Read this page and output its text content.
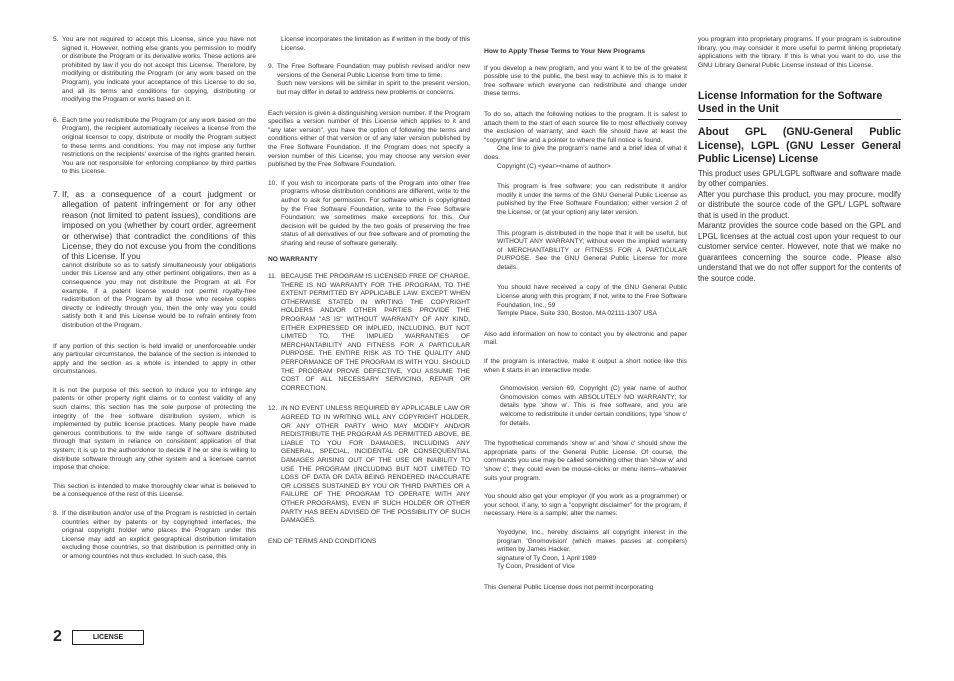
5. You are not required to accept this License, since you have not signed it. However, nothing else grants you permission to modify or distribute the Program or its derivative works. These actions are prohibited by law if you do not accept this License. Therefore, by modifying or distributing the Program (or any work based on the Program), you indicate your acceptance of this License to do so, and all its terms and conditions for copying, distributing or modifying the Program or works based on it.
6. Each time you redistribute the Program (or any work based on the Program), the recipient automatically receives a license from the original licensor to copy, distribute or modify the Program subject to these terms and conditions. You may not impose any further restrictions on the recipients' exercise of the rights granted herein. You are not responsible for enforcing compliance by third parties to this License.
7. If, as a consequence of a court judgment or allegation of patent infringement or for any other reason (not limited to patent issues), conditions are imposed on you (whether by court order, agreement or otherwise) that contradict the conditions of this License, they do not excuse you from the conditions of this License. If you
cannot distribute so as to satisfy simultaneously your obligations under this License and any other pertinent obligations, then as a consequence you may not distribute the Program at all. For example, if a patent license would not permit royalty-free redistribution of the Program by all those who receive copies directly or indirectly through you, then the only way you could satisfy both it and this License would be to refrain entirely from distribution of the Program.

If any portion of this section is held invalid or unenforceable under any particular circumstance, the balance of the section is intended to apply and the section as a whole is intended to apply in other circumstances.

It is not the purpose of this section to induce you to infringe any patents or other property right claims or to contest validity of any such claims; this section has the sole purpose of protecting the integrity of the free software distribution system, which is implemented by public license practices. Many people have made generous contributions to the wide range of software distributed through that system in reliance on consistent application of that system; it is up to the author/donor to decide if he or she is willing to distribute software through any other system and a licensee cannot impose that choice.

This section is intended to make thoroughly clear what is believed to be a consequence of the rest of this License.

8. If the distribution and/or use of the Program is restricted in certain countries either by patents or by copyrighted interfaces, the original copyright holder who places the Program under this License may add an explicit geographical distribution limitation excluding those countries, so that distribution is permitted only in or among countries not thus excluded. In such case, this

License incorporates the limitation as if written in the body of this License.

9. The Free Software Foundation may publish revised and/or new versions of the General Public License from time to time.
Such new versions will be similar in spirit to the present version, but may differ in detail to address new problems or concerns.

Each version is given a distinguishing version number. If the Program specifies a version number of this License which applies to it and "any later version", you have the option of following the terms and conditions either of that version or of any later version published by the Free Software Foundation. If the Program does not specify a version number of this License, you may choose any version ever published by the Free Software Foundation.

10. If you wish to incorporate parts of the Program into other free programs whose distribution conditions are different, write to the author to ask for permission. For software which is copyrighted by the Free Software Foundation, write to the Free Software Foundation; we sometimes make exceptions for this. Our decision will be guided by the two goals of preserving the free status of all derivatives of our free software and of promoting the sharing and reuse of software generally.

NO WARRANTY

11. BECAUSE THE PROGRAM IS LICENSED FREE OF CHARGE, THERE IS NO WARRANTY FOR THE PROGRAM, TO THE EXTENT PERMITTED BY APPLICABLE LAW. EXCEPT WHEN OTHERWISE STATED IN WRITING THE COPYRIGHT HOLDERS AND/OR OTHER PARTIES PROVIDE THE PROGRAM "AS IS" WITHOUT WARRANTY OF ANY KIND, EITHER EXPRESSED OR IMPLIED, INCLUDING, BUT NOT LIMITED TO, THE IMPLIED WARRANTIES OF MERCHANTABILITY AND FITNESS FOR A PARTICULAR PURPOSE. THE ENTIRE RISK AS TO THE QUALITY AND PERFORMANCE OF THE PROGRAM IS WITH YOU. SHOULD THE PROGRAM PROVE DEFECTIVE, YOU ASSUME THE COST OF ALL NECESSARY SERVICING, REPAIR OR CORRECTION.
12. IN NO EVENT UNLESS REQUIRED BY APPLICABLE LAW OR AGREED TO IN WRITING WILL ANY COPYRIGHT HOLDER, OR ANY OTHER PARTY WHO MAY MODIFY AND/OR REDISTRIBUTE THE PROGRAM AS PERMITTED ABOVE, BE LIABLE TO YOU FOR DAMAGES, INCLUDING ANY GENERAL, SPECIAL, INCIDENTAL OR CONSEQUENTIAL DAMAGES ARISING OUT OF THE USE OR INABILITY TO USE THE PROGRAM (INCLUDING BUT NOT LIMITED TO LOSS OF DATA OR DATA BEING RENDERED INACCURATE OR LOSSES SUSTAINED BY YOU OR THIRD PARTIES OR A FAILURE OF THE PROGRAM TO OPERATE WITH ANY OTHER PROGRAMS), EVEN IF SUCH HOLDER OR OTHER PARTY HAS BEEN ADVISED OF THE POSSIBILITY OF SUCH DAMAGES.

END OF TERMS AND CONDITIONS

How to Apply These Terms to Your New Programs

If you develop a new program, and you want it to be of the greatest possible use to the public, the best way to achieve this is to make it free software which everyone can redistribute and change under these terms.

To do so, attach the following notices to the program. It is safest to attach them to the start of each source file to most effectively convey the exclusion of warranty; and each file should have at least the "copyright" line and a pointer to where the full notice is found.

One line to give the program's name and a brief idea of what it does.

Copyright (C) <year><name of author>

This program is free software; you can redistribute it and/or modify it under the terms of the GNU General Public License as published by the Free Software Foundation; either version 2 of the License, or (at your option) any later version.

This program is distributed in the hope that it will be useful, but WITHOUT ANY WARRANTY; without even the implied warranty of MERCHANTABILITY or FITNESS FOR A PARTICULAR PURPOSE. See the GNU General Public License for more details.

You should have received a copy of the GNU General Public License along with this program; if not, write to the Free Software Foundation, Inc., 59

Temple Place, Suite 330, Boston, MA 02111-1307 USA

Also add information on how to contact you by electronic and paper mail.

If the program is interactive, make it output a short notice like this when it starts in an interactive mode:

Gnomovision version 69, Copyright (C) year name of author Gnomovision comes with ABSOLUTELY NO WARRANTY; for details type 'show w'. This is free software, and you are welcome to redistribute it under certain conditions; type 'show c' for details.

The hypothetical commands 'show w' and 'show c' should show the appropriate parts of the General Public License. Of course, the commands you use may be called something other than 'show w' and 'show c'; they could even be mouse-clicks or menu items--whatever suits your program.

You should also get your employer (if you work as a programmer) or your school, if any, to sign a "copyright disclaimer" for the program, if necessary. Here is a sample; alter the names:

Yoyodyne, Inc., hereby disclaims all copyright interest in the program 'Gnomovision' (which makes passes at compilers) written by James Hacker.

signature of Ty Coon, 1 April 1989

Ty Coon, President of Vice

This General Public License does not permit incorporating

you program into proprietary programs. If your program is subroutine library, you may consider it more useful to permit linking proprietary applications with the library. If this is what you want to do, use the GNU Library General Public License instead of this License.

License Information for the Software Used in the Unit
About GPL (GNU-General Public License), LGPL (GNU Lesser General Public License) License

This product uses GPL/LGPL software and software made by other companies.

After you purchase this product, you may procure, modify or distribute the source code of the GPL/ LGPL software that is used in the product.

Marantz provides the source code based on the GPL and LPGL licenses at the actual cost upon your request to our customer service center. However, note that we make no guarantees concerning the source code. Please also understand that we do not offer support for the contents of the source code.

2	LICENSE
